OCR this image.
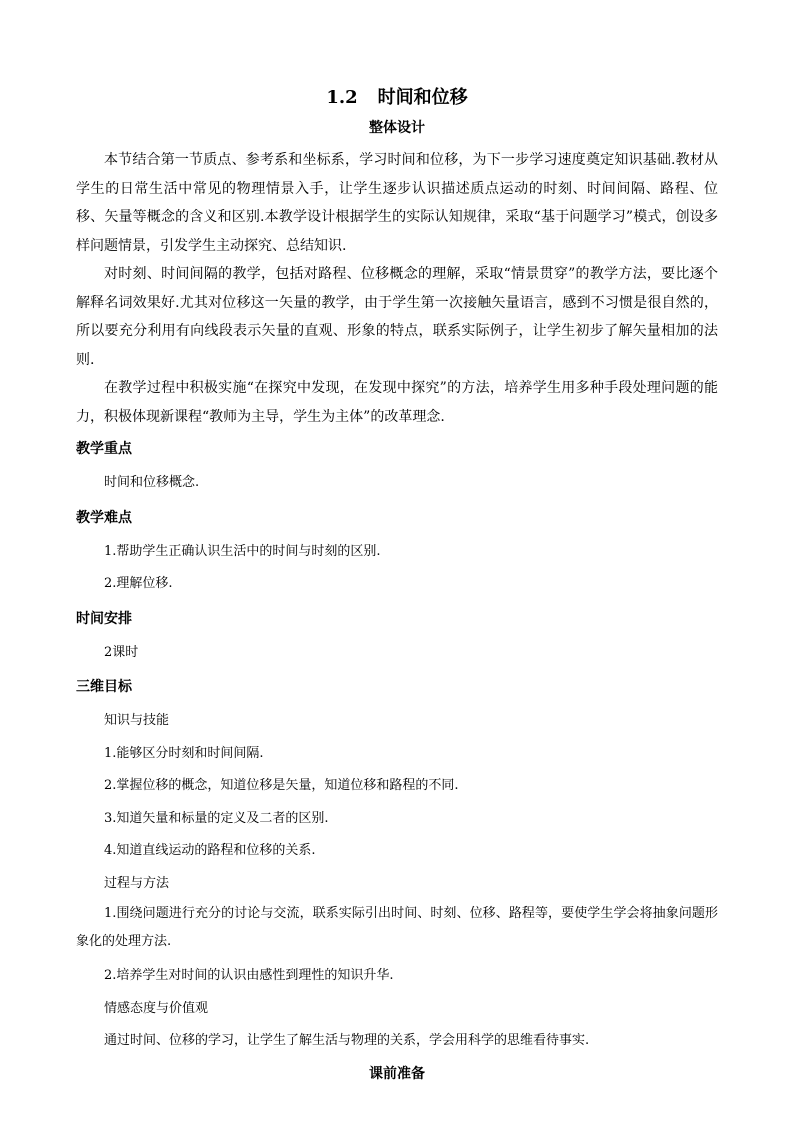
1.2 时间和位移
整体设计

本节结合第一节质点、参考系和坐标系，学习时间和位移，为下一步学习速度奠定知识基础.教材从学生的日常生活中常见的物理情景入手，让学生逐步认识描述质点运动的时刻、时间间隔、路程、位移、矢量等概念的含义和区别.本教学设计根据学生的实际认知规律，采取“基于问题学习”模式，创设多样问题情景，引发学生主动探究、总结知识.

对时刻、时间间隔的教学，包括对路程、位移概念的理解，采取“情景贯穿”的教学方法，要比逐个解释名词效果好.尤其对位移这一矢量的教学，由于学生第一次接触矢量语言，感到不习惯是很自然的，所以要充分利用有向线段表示矢量的直观、形象的特点，联系实际例子，让学生初步了解矢量相加的法则.

在教学过程中积极实施“在探究中发现，在发现中探究”的方法，培养学生用多种手段处理问题的能力，积极体现新课程“教师为主导，学生为主体”的改革理念.

教学重点

时间和位移概念.

教学难点

1.帮助学生正确认识生活中的时间与时刻的区别.

2.理解位移.

时间安排

2课时

三维目标

知识与技能

1.能够区分时刻和时间间隔.

2.掌握位移的概念，知道位移是矢量，知道位移和路程的不同.

3.知道矢量和标量的定义及二者的区别.

4.知道直线运动的路程和位移的关系.

过程与方法

1.围绕问题进行充分的讨论与交流，联系实际引出时间、时刻、位移、路程等，要使学生学会将抽象问题形象化的处理方法.

2.培养学生对时间的认识由感性到理性的知识升华.

情感态度与价值观

通过时间、位移的学习，让学生了解生活与物理的关系，学会用科学的思维看待事实.

课前准备
